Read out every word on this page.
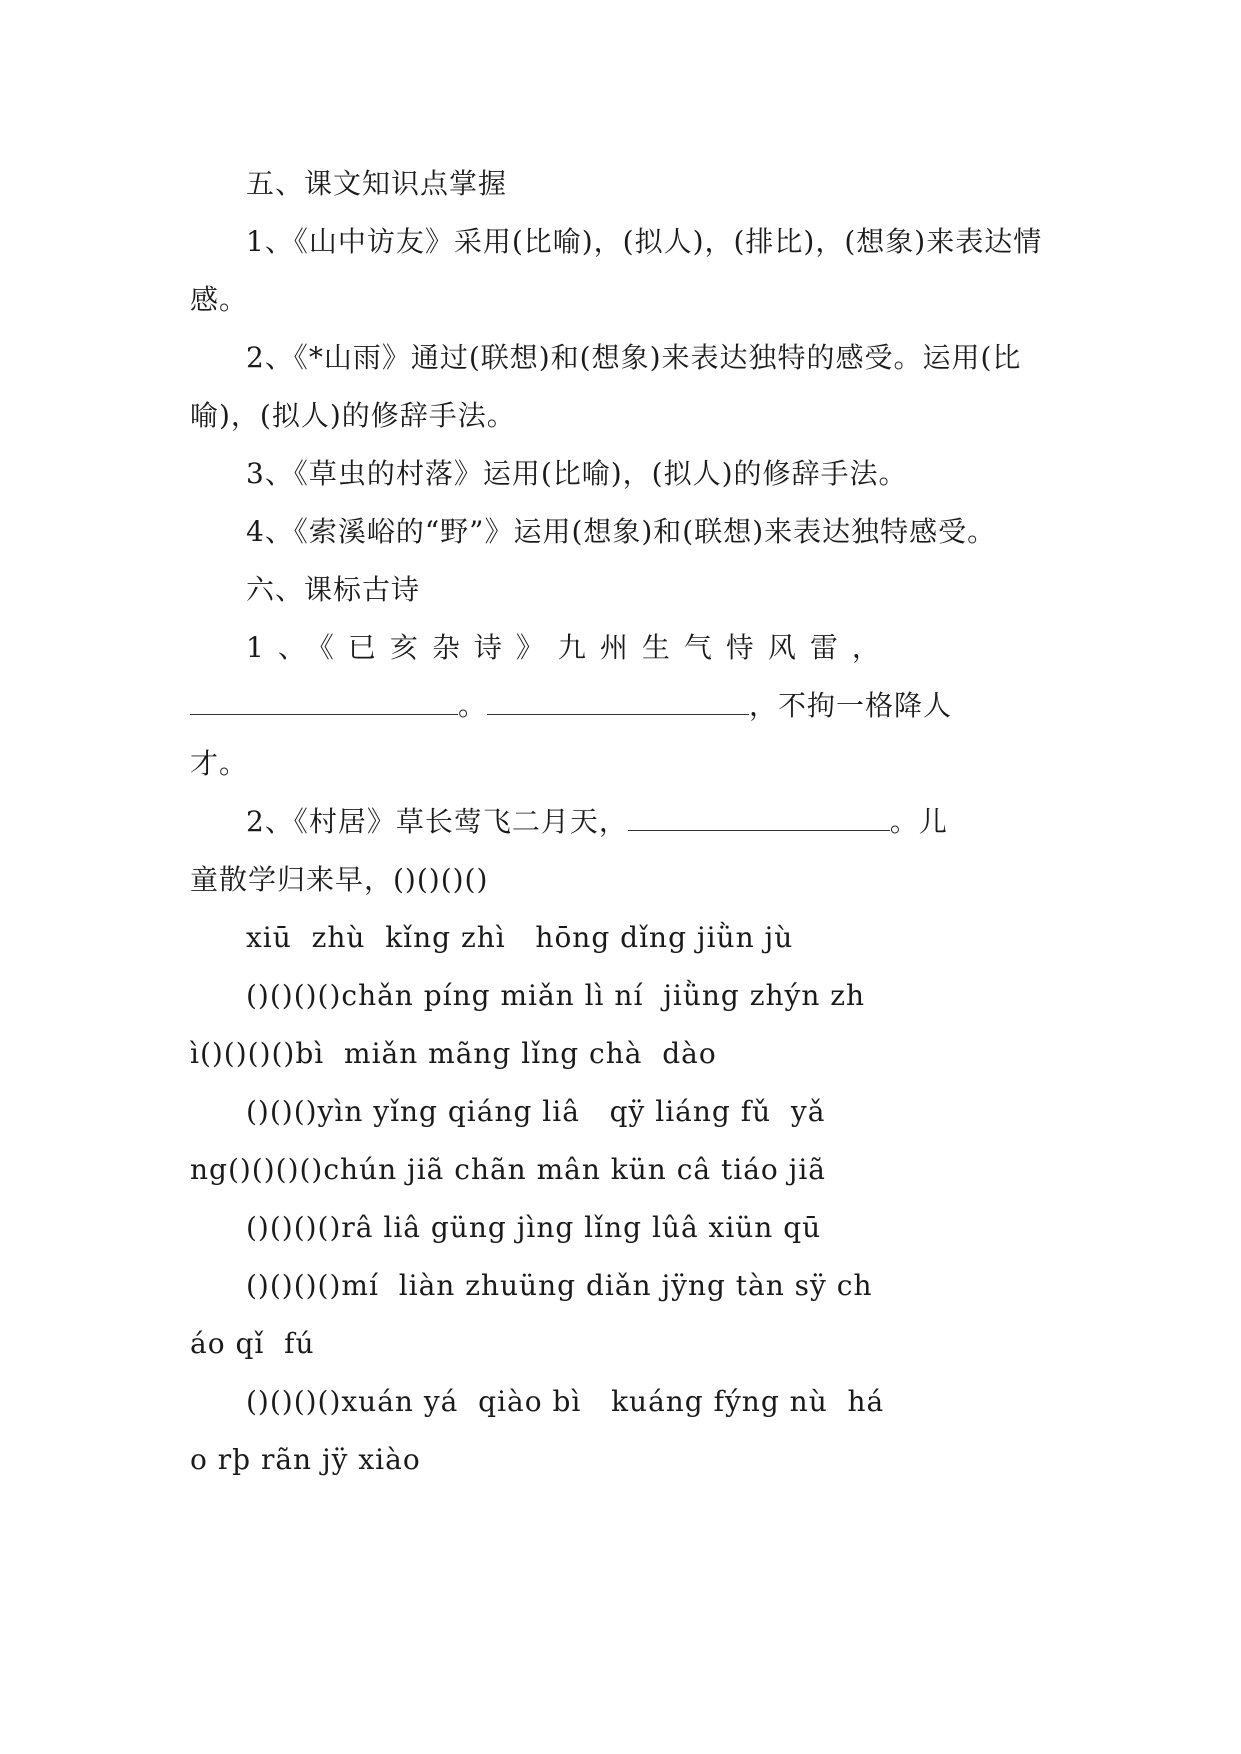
五、课文知识点掌握

1、《山中访友》采用(比喻)，(拟人)，(排比)，(想象)来表达情感。

2、《*山雨》通过(联想)和(想象)来表达独特的感受。运用(比喻)，(拟人)的修辞手法。

3、《草虫的村落》运用(比喻)，(拟人)的修辞手法。

4、《索溪峪的“野”》运用(想象)和(联想)来表达独特感受。

六、课标古诗

1、《已亥杂诗》九州生气恃风雷，

。	，不拘一格降人

才。

2、《村居》草长莺飞二月天，	。儿

童散学归来早，()()()()

xiū  zhù  kǐng zhì   hōng dǐng jiǜn jù

()()()()chǎn píng miǎn lì ní  jiǜng zhýn zh

ì()()()()bì  miǎn mãng lǐng chà  dào

()()()yìn yǐng qiáng liâ   qÿ liáng fǔ  yǎ

ng()()()()chún jiã chãn mân kün câ tiáo jiã

()()()()râ liâ güng jìng lǐng lûâ xiün qū

()()()()mí  liàn zhuüng diǎn jÿng tàn sÿ ch

áo qǐ  fú

()()()()xuán yá  qiào bì   kuáng fýng nù  há

o rþ rãn jÿ xiào
